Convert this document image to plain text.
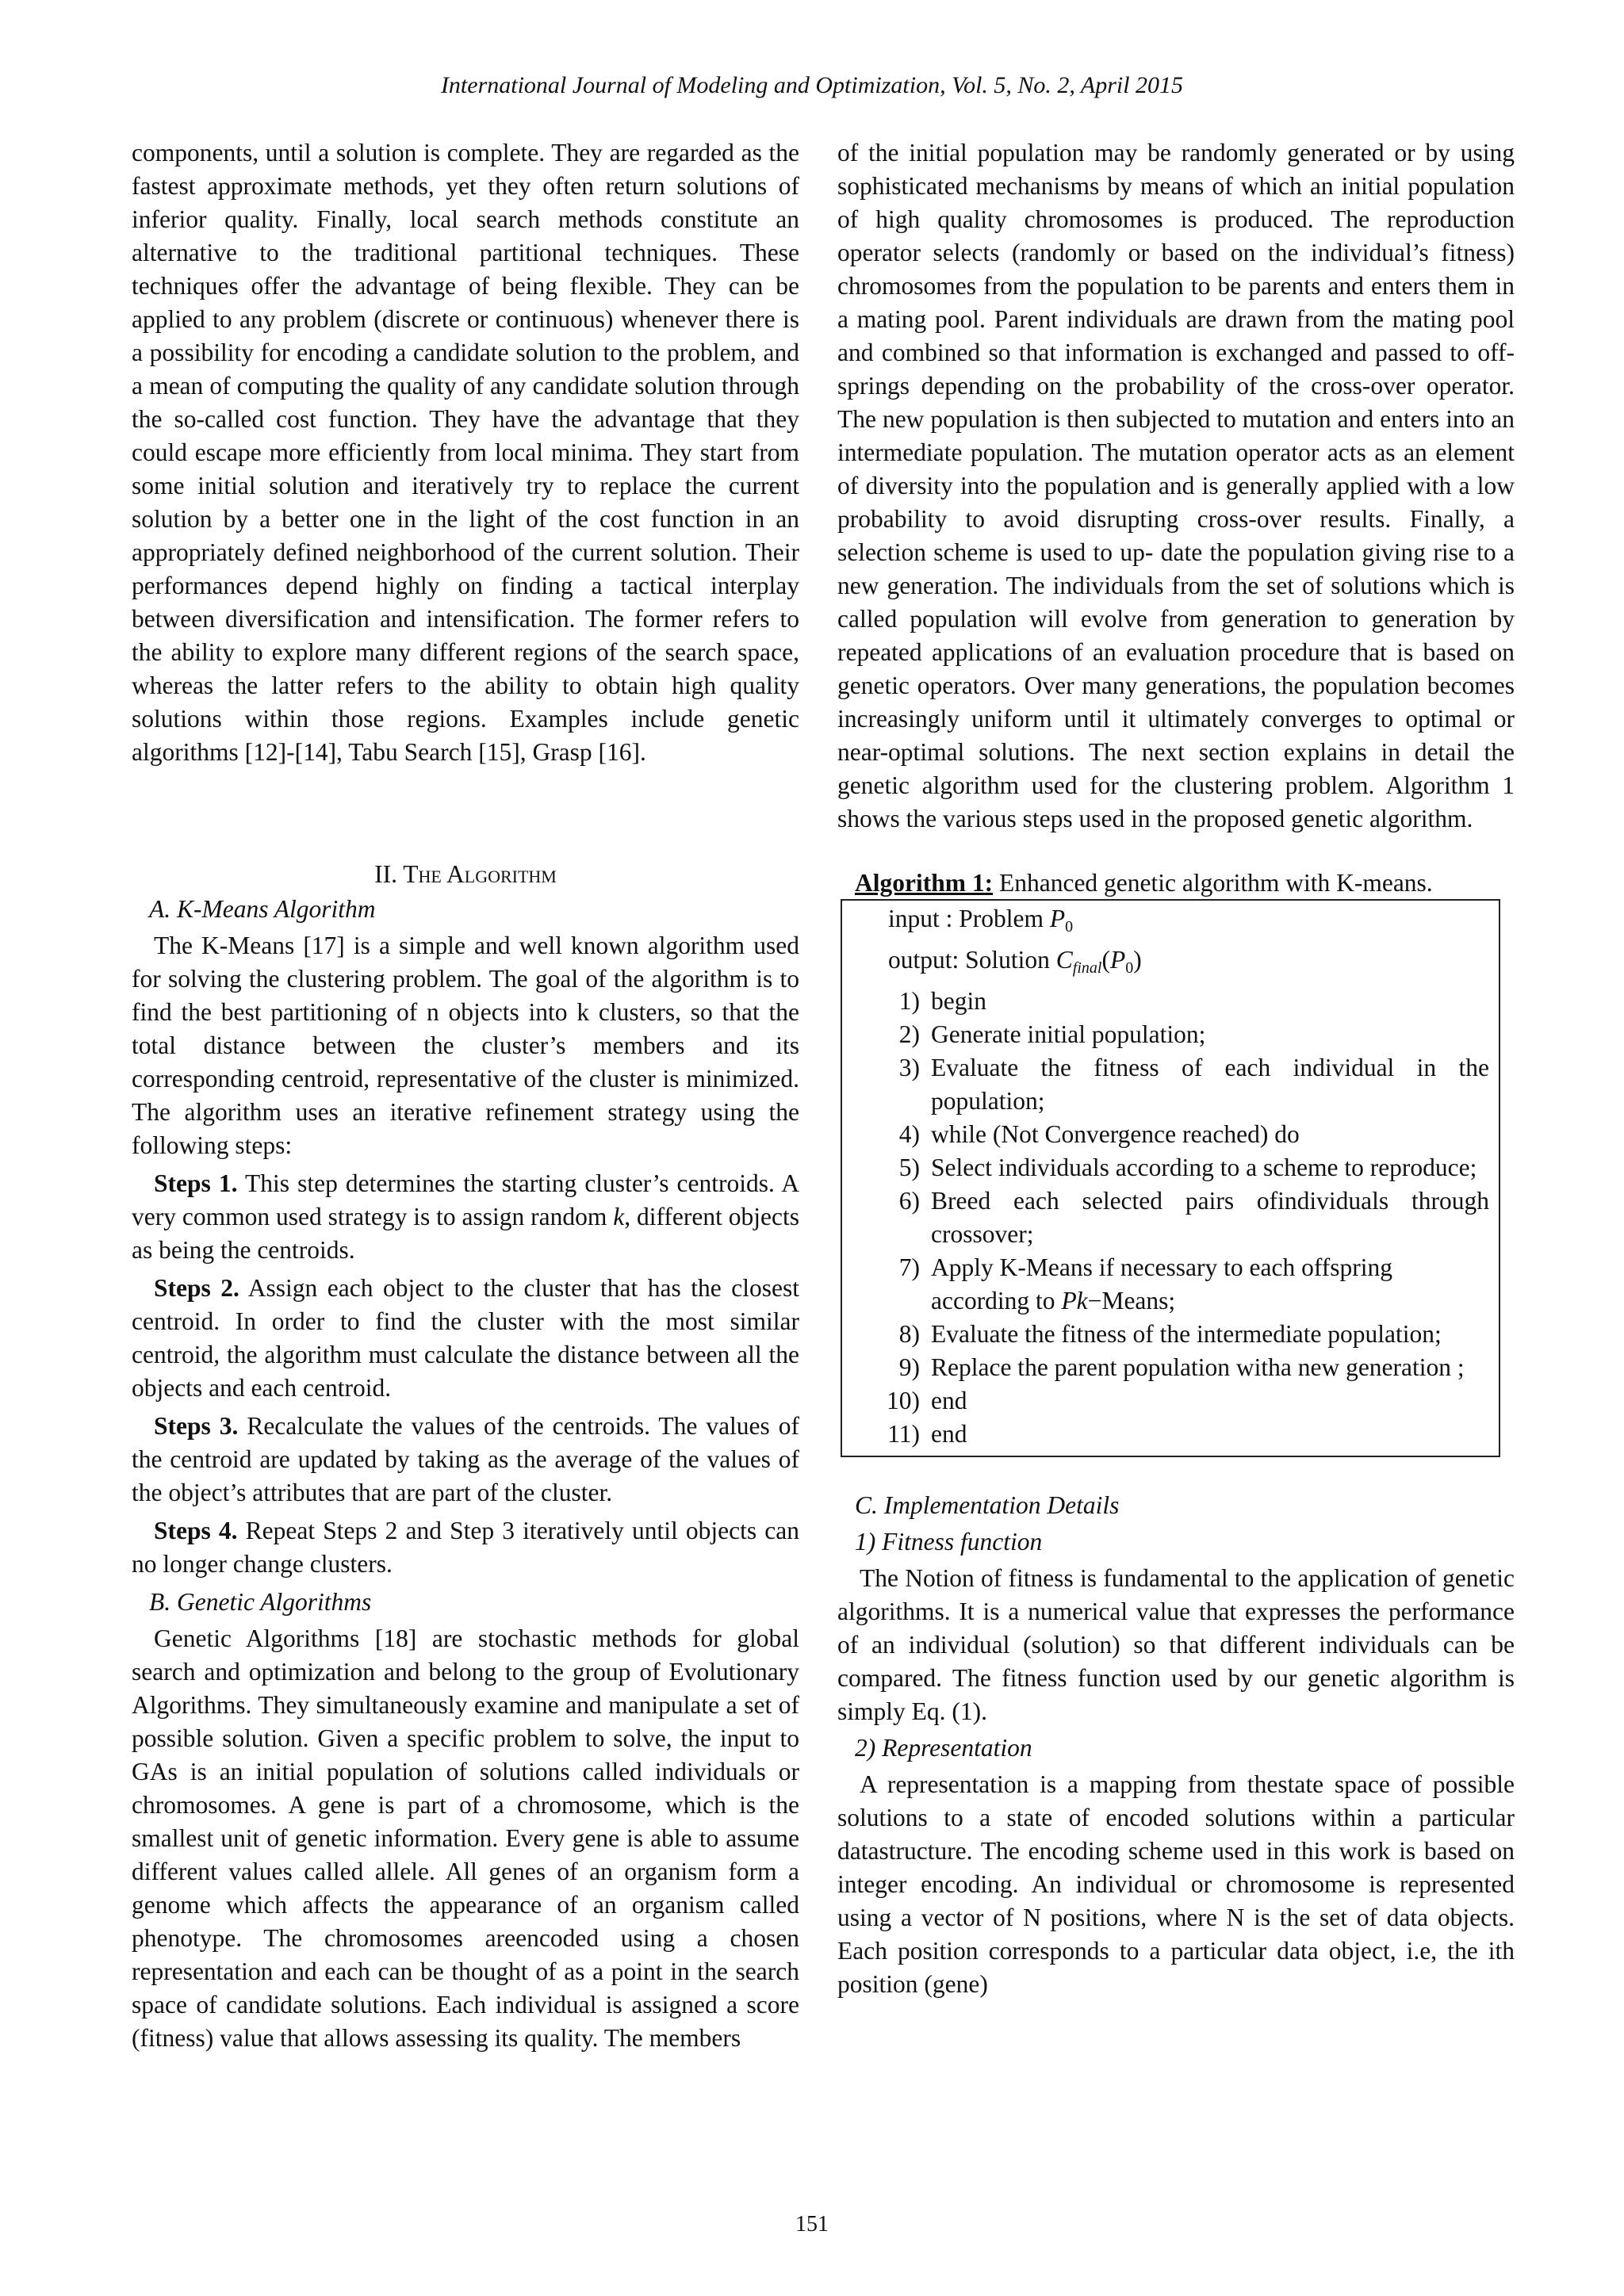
International Journal of Modeling and Optimization, Vol. 5, No. 2, April 2015

components, until a solution is complete. They are regarded as the fastest approximate methods, yet they often return solutions of inferior quality. Finally, local search methods constitute an alternative to the traditional partitional techniques. These techniques offer the advantage of being flexible. They can be applied to any problem (discrete or continuous) whenever there is a possibility for encoding a candidate solution to the problem, and a mean of computing the quality of any candidate solution through the so-called cost function. They have the advantage that they could escape more efficiently from local minima. They start from some initial solution and iteratively try to replace the current solution by a better one in the light of the cost function in an appropriately defined neighborhood of the current solution. Their performances depend highly on finding a tactical interplay between diversification and intensification. The former refers to the ability to explore many different regions of the search space, whereas the latter refers to the ability to obtain high quality solutions within those regions. Examples include genetic algorithms [12]-[14], Tabu Search [15], Grasp [16].

II. The Algorithm
A. K-Means Algorithm

The K-Means [17] is a simple and well known algorithm used for solving the clustering problem. The goal of the algorithm is to find the best partitioning of n objects into k clusters, so that the total distance between the cluster’s members and its corresponding centroid, representative of the cluster is minimized. The algorithm uses an iterative refinement strategy using the following steps:

Steps 1. This step determines the starting cluster’s centroids. A very common used strategy is to assign random k, different objects as being the centroids.

Steps 2. Assign each object to the cluster that has the closest centroid. In order to find the cluster with the most similar centroid, the algorithm must calculate the distance between all the objects and each centroid.

Steps 3. Recalculate the values of the centroids. The values of the centroid are updated by taking as the average of the values of the object’s attributes that are part of the cluster.

Steps 4. Repeat Steps 2 and Step 3 iteratively until objects can no longer change clusters.

B. Genetic Algorithms

Genetic Algorithms [18] are stochastic methods for global search and optimization and belong to the group of Evolutionary Algorithms. They simultaneously examine and manipulate a set of possible solution. Given a specific problem to solve, the input to GAs is an initial population of solutions called individuals or chromosomes. A gene is part of a chromosome, which is the smallest unit of genetic information. Every gene is able to assume different values called allele. All genes of an organism form a genome which affects the appearance of an organism called phenotype. The chromosomes areencoded using a chosen representation and each can be thought of as a point in the search space of candidate solutions. Each individual is assigned a score (fitness) value that allows assessing its quality. The members

of the initial population may be randomly generated or by using sophisticated mechanisms by means of which an initial population of high quality chromosomes is produced. The reproduction operator selects (randomly or based on the individual’s fitness) chromosomes from the population to be parents and enters them in a mating pool. Parent individuals are drawn from the mating pool and combined so that information is exchanged and passed to off-springs depending on the probability of the cross-over operator. The new population is then subjected to mutation and enters into an intermediate population. The mutation operator acts as an element of diversity into the population and is generally applied with a low probability to avoid disrupting cross-over results. Finally, a selection scheme is used to up- date the population giving rise to a new generation. The individuals from the set of solutions which is called population will evolve from generation to generation by repeated applications of an evaluation procedure that is based on genetic operators. Over many generations, the population becomes increasingly uniform until it ultimately converges to optimal or near-optimal solutions. The next section explains in detail the genetic algorithm used for the clustering problem. Algorithm 1 shows the various steps used in the proposed genetic algorithm.

Algorithm 1: Enhanced genetic algorithm with K-means.
input : Problem P0
output: Solution $C_{final}(P0)$
1) begin
2) Generate initial population;
3) Evaluate the fitness of each individual in the population;
4) while (Not Convergence reached) do
5) Select individuals according to a scheme to reproduce;
6) Breed each selected pairs ofindividuals through crossover;
7) Apply K-Means if necessary to each offspring according to Pk−Means;
8) Evaluate the fitness of the intermediate population;
9) Replace the parent population witha new generation ;
10) end
11) end
C. Implementation Details
1) Fitness function

The Notion of fitness is fundamental to the application of genetic algorithms. It is a numerical value that expresses the performance of an individual (solution) so that different individuals can be compared. The fitness function used by our genetic algorithm is simply Eq. (1).

2) Representation

A representation is a mapping from thestate space of possible solutions to a state of encoded solutions within a particular datastructure. The encoding scheme used in this work is based on integer encoding. An individual or chromosome is represented using a vector of N positions, where N is the set of data objects. Each position corresponds to a particular data object, i.e, the ith position (gene)

151
